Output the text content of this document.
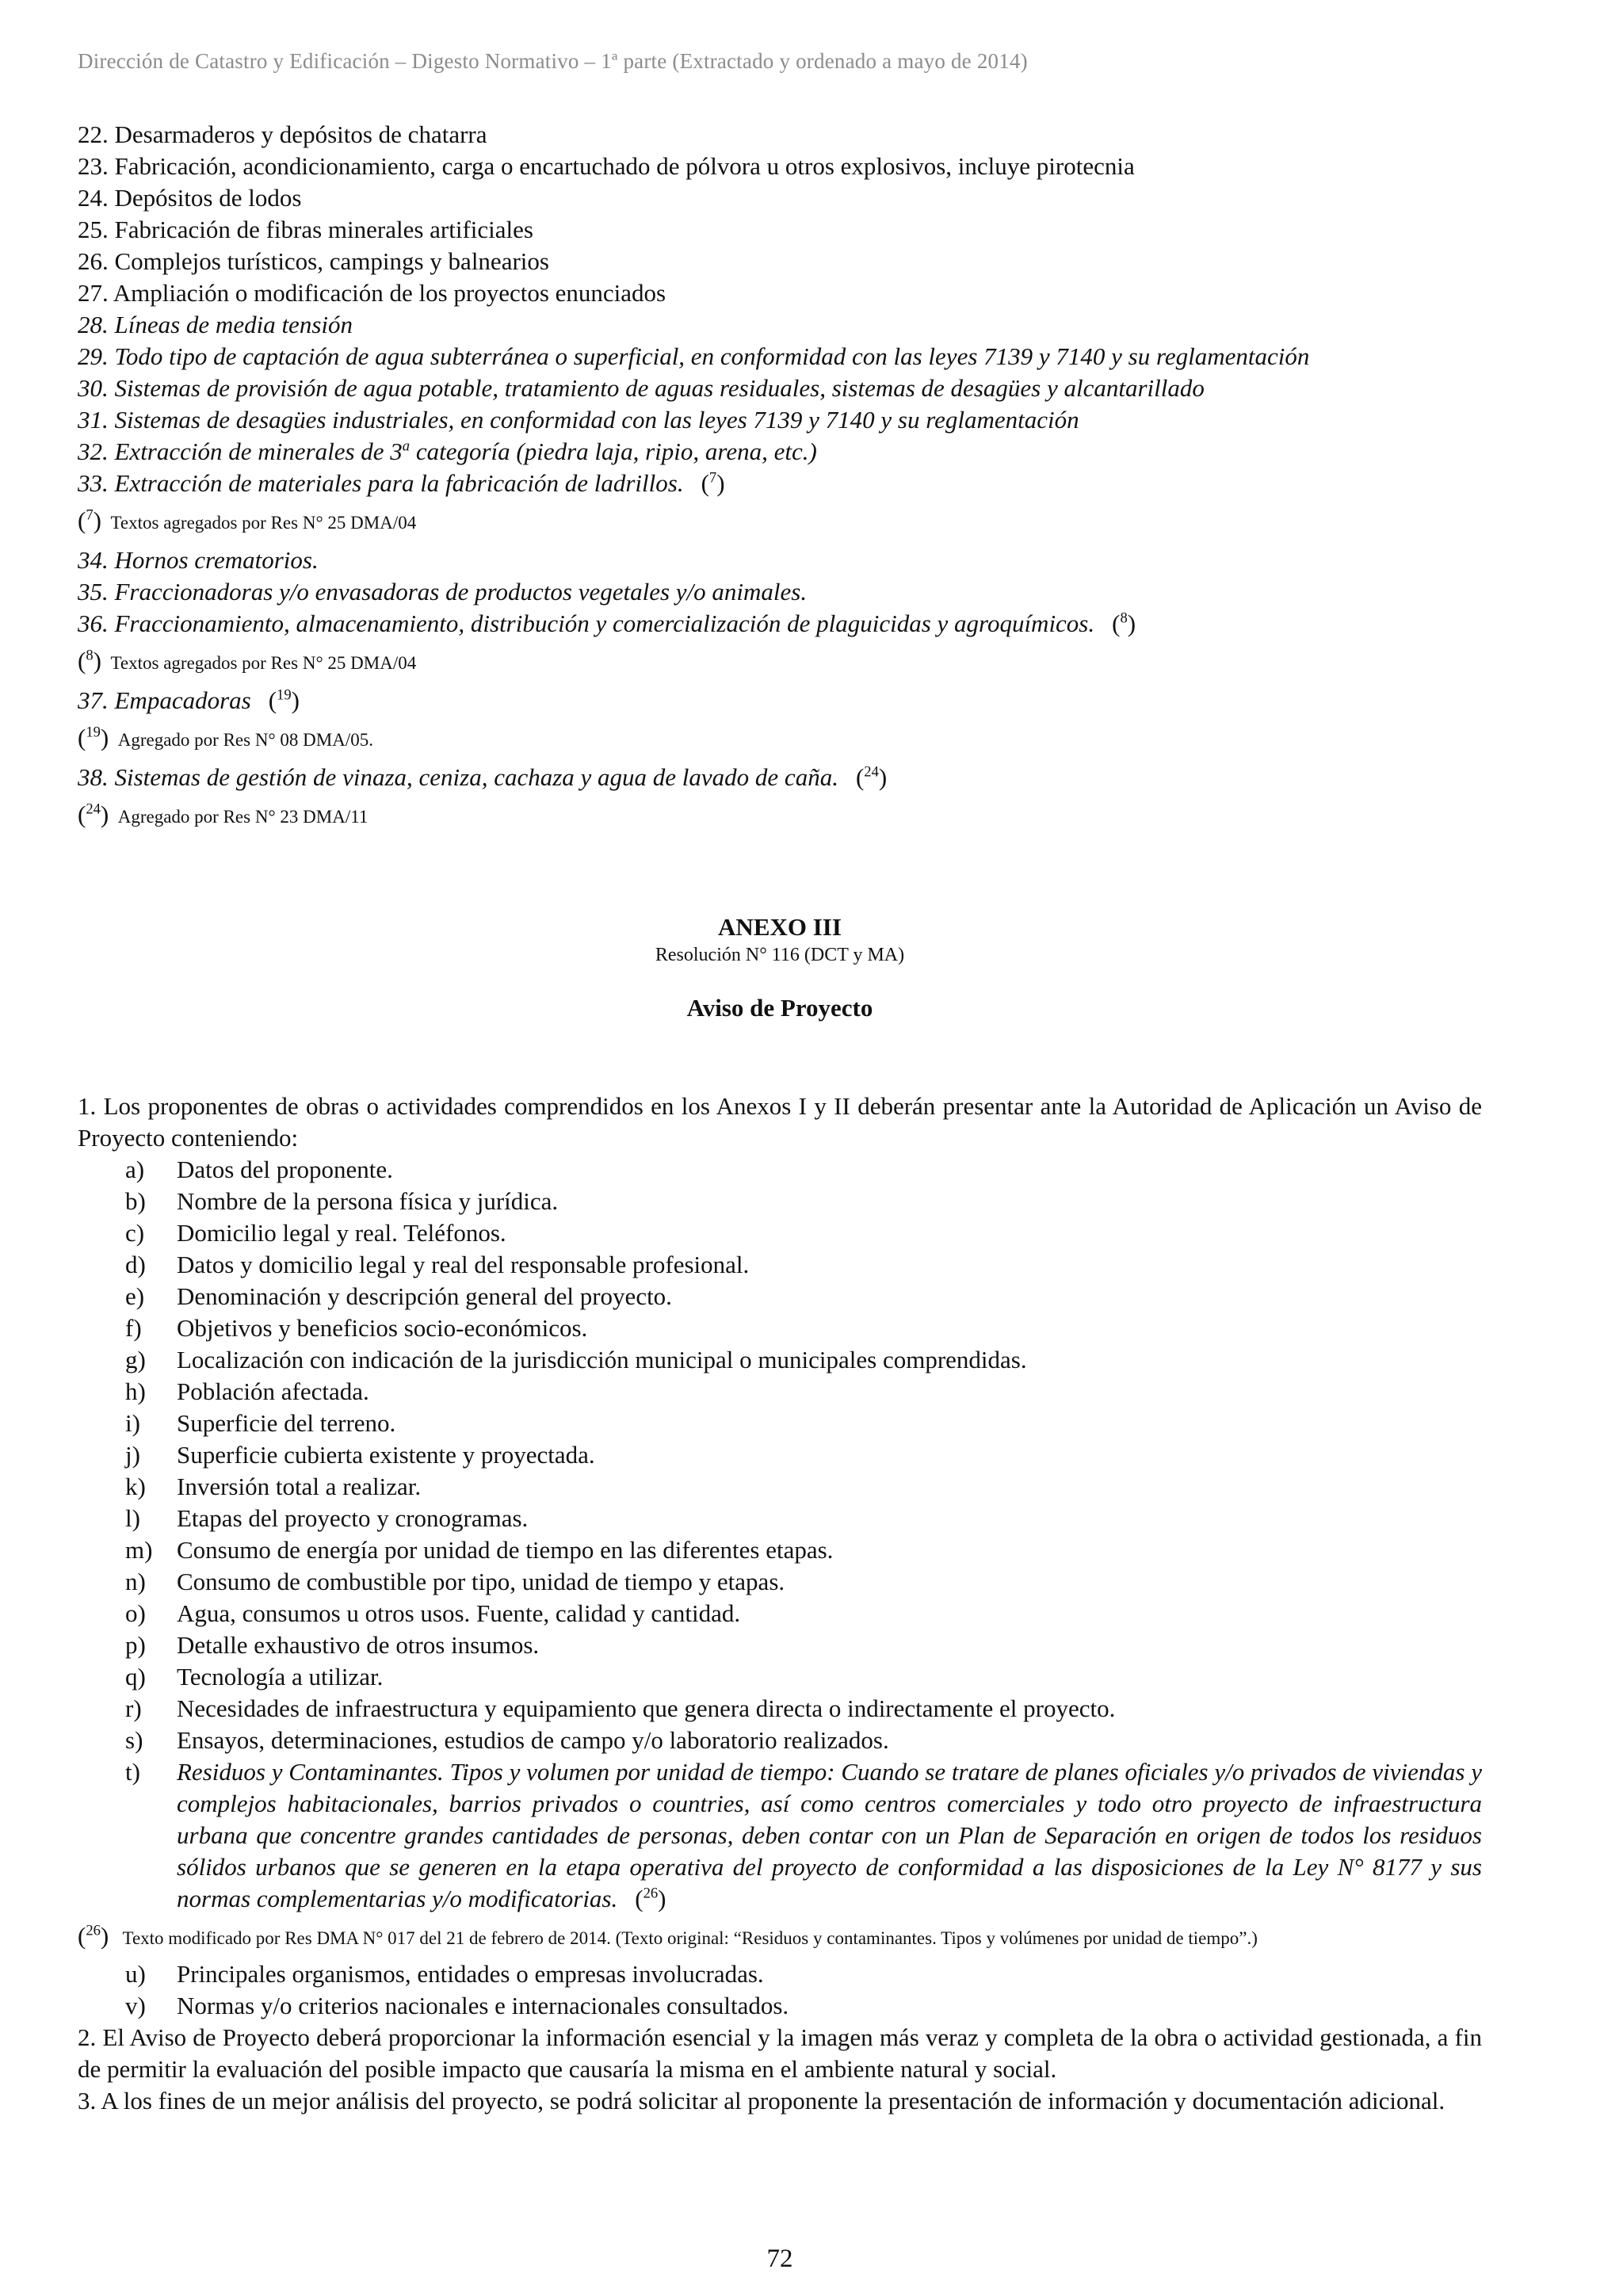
Dirección de Catastro y Edificación – Digesto Normativo – 1ª parte (Extractado y ordenado a mayo de 2014)
22. Desarmaderos y depósitos de chatarra
23. Fabricación, acondicionamiento, carga o encartuchado de pólvora u otros explosivos, incluye pirotecnia
24. Depósitos de lodos
25. Fabricación de fibras minerales artificiales
26. Complejos turísticos, campings y balnearios
27. Ampliación o modificación de los proyectos enunciados
28. Líneas de media tensión
29. Todo tipo de captación de agua subterránea o superficial, en conformidad con las leyes 7139 y 7140 y su reglamentación
30. Sistemas de provisión de agua potable, tratamiento de aguas residuales, sistemas de desagües y alcantarillado
31. Sistemas de desagües industriales, en conformidad con las leyes 7139 y 7140 y su reglamentación
32. Extracción de minerales de 3$^a$ categoría (piedra laja, ripio, arena, etc.)
33. Extracción de materiales para la fabricación de ladrillos. ($^7$)
($^7$) Textos agregados por Res N° 25 DMA/04
34. Hornos crematorios.
35. Fraccionadoras y/o envasadoras de productos vegetales y/o animales.
36. Fraccionamiento, almacenamiento, distribución y comercialización de plaguicidas y agroquímicos. ($^8$)
($^8$) Textos agregados por Res N° 25 DMA/04
37. Empacadoras ($^{19}$)
($^{19}$) Agregado por Res N° 08 DMA/05.
38. Sistemas de gestión de vinaza, ceniza, cachaza y agua de lavado de caña. ($^{24}$)
($^{24}$) Agregado por Res N° 23 DMA/11
ANEXO III
Resolución N° 116 (DCT y MA)
Aviso de Proyecto
1. Los proponentes de obras o actividades comprendidos en los Anexos I y II deberán presentar ante la Autoridad de Aplicación un Aviso de Proyecto conteniendo:
a)	Datos del proponente.
b)	Nombre de la persona física y jurídica.
c)	Domicilio legal y real. Teléfonos.
d)	Datos y domicilio legal y real del responsable profesional.
e)	Denominación y descripción general del proyecto.
f)	Objetivos y beneficios socio-económicos.
g)	Localización con indicación de la jurisdicción municipal o municipales comprendidas.
h)	Población afectada.
i)	Superficie del terreno.
j)	Superficie cubierta existente y proyectada.
k)	Inversión total a realizar.
l)	Etapas del proyecto y cronogramas.
m) Consumo de energía por unidad de tiempo en las diferentes etapas.
n)	Consumo de combustible por tipo, unidad de tiempo y etapas.
o)	Agua, consumos u otros usos. Fuente, calidad y cantidad.
p)	Detalle exhaustivo de otros insumos.
q)	Tecnología a utilizar.
r)	Necesidades de infraestructura y equipamiento que genera directa o indirectamente el proyecto.
s)	Ensayos, determinaciones, estudios de campo y/o laboratorio realizados.
t)	Residuos y Contaminantes. Tipos y volumen por unidad de tiempo: Cuando se tratare de planes oficiales y/o privados de viviendas y complejos habitacionales, barrios privados o countries, así como centros comerciales y todo otro proyecto de infraestructura urbana que concentre grandes cantidades de personas, deben contar con un Plan de Separación en origen de todos los residuos sólidos urbanos que se generen en la etapa operativa del proyecto de conformidad a las disposiciones de la Ley N° 8177 y sus normas complementarias y/o modificatorias. ($^{26}$)
($^{26}$) Texto modificado por Res DMA N° 017 del 21 de febrero de 2014. (Texto original: “Residuos y contaminantes. Tipos y volúmenes por unidad de tiempo”.)
u)	Principales organismos, entidades o empresas involucradas.
v)	Normas y/o criterios nacionales e internacionales consultados.
2. El Aviso de Proyecto deberá proporcionar la información esencial y la imagen más veraz y completa de la obra o actividad gestionada, a fin de permitir la evaluación del posible impacto que causaría la misma en el ambiente natural y social.
3. A los fines de un mejor análisis del proyecto, se podrá solicitar al proponente la presentación de información y documentación adicional.
72
